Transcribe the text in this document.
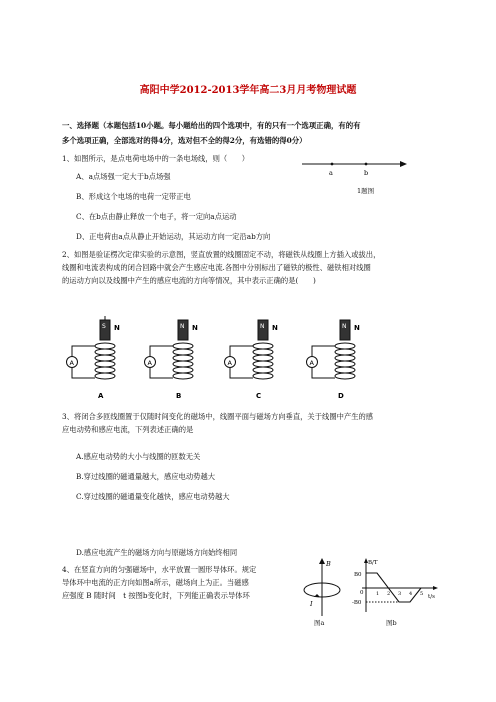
高阳中学2012-2013学年高二3月月考物理试题
一、选择题（本题包括10小题。每小题给出的四个选项中，有的只有一个选项正确，有的有
多个选项正确，全部选对的得4分，选对但不全的得2分，有选错的得0分）
1、如图所示，是点电荷电场中的一条电场线，则（　　）
A、a点场强一定大于b点场强
B、形成这个电场的电荷一定带正电
C、在b点由静止释放一个电子，将一定向a点运动
D、正电荷由a点从静止开始运动，其运动方向一定沿ab方向
a	b
1题图
2、如图是验证楞次定律实验的示意图，竖直放置的线圈固定不动，将磁铁从线圈上方插入或拔出，
线圈和电流表构成的闭合回路中就会产生感应电流.各图中分别标出了磁铁的极性、磁铁相对线圈
的运动方向以及线圈中产生的感应电流的方向等情况，其中表示正确的是(　　)
S N
A
A
N N
A
B
N N
A
C
N N
A
D
3、将闭合多匝线圈置于仅随时间变化的磁场中，线圈平面与磁场方向垂直，关于线圈中产生的感
应电动势和感应电流，下列表述正确的是
A.感应电动势的大小与线圈的匝数无关
B.穿过线圈的磁通量越大，感应电动势越大
C.穿过线圈的磁通量变化越快，感应电动势越大
D.感应电流产生的磁场方向与原磁场方向始终相同
4、在竖直方向的匀强磁场中，水平放置一圆形导体环。规定
导体环中电流的正方向如图a所示，磁场向上为正。当磁感
应强度 B 随时间　t 按图b变化时，下列能正确表示导体环
B
I
图a
B/T
t/s
B0
-B0
0	1 2 3 4 5
图b
